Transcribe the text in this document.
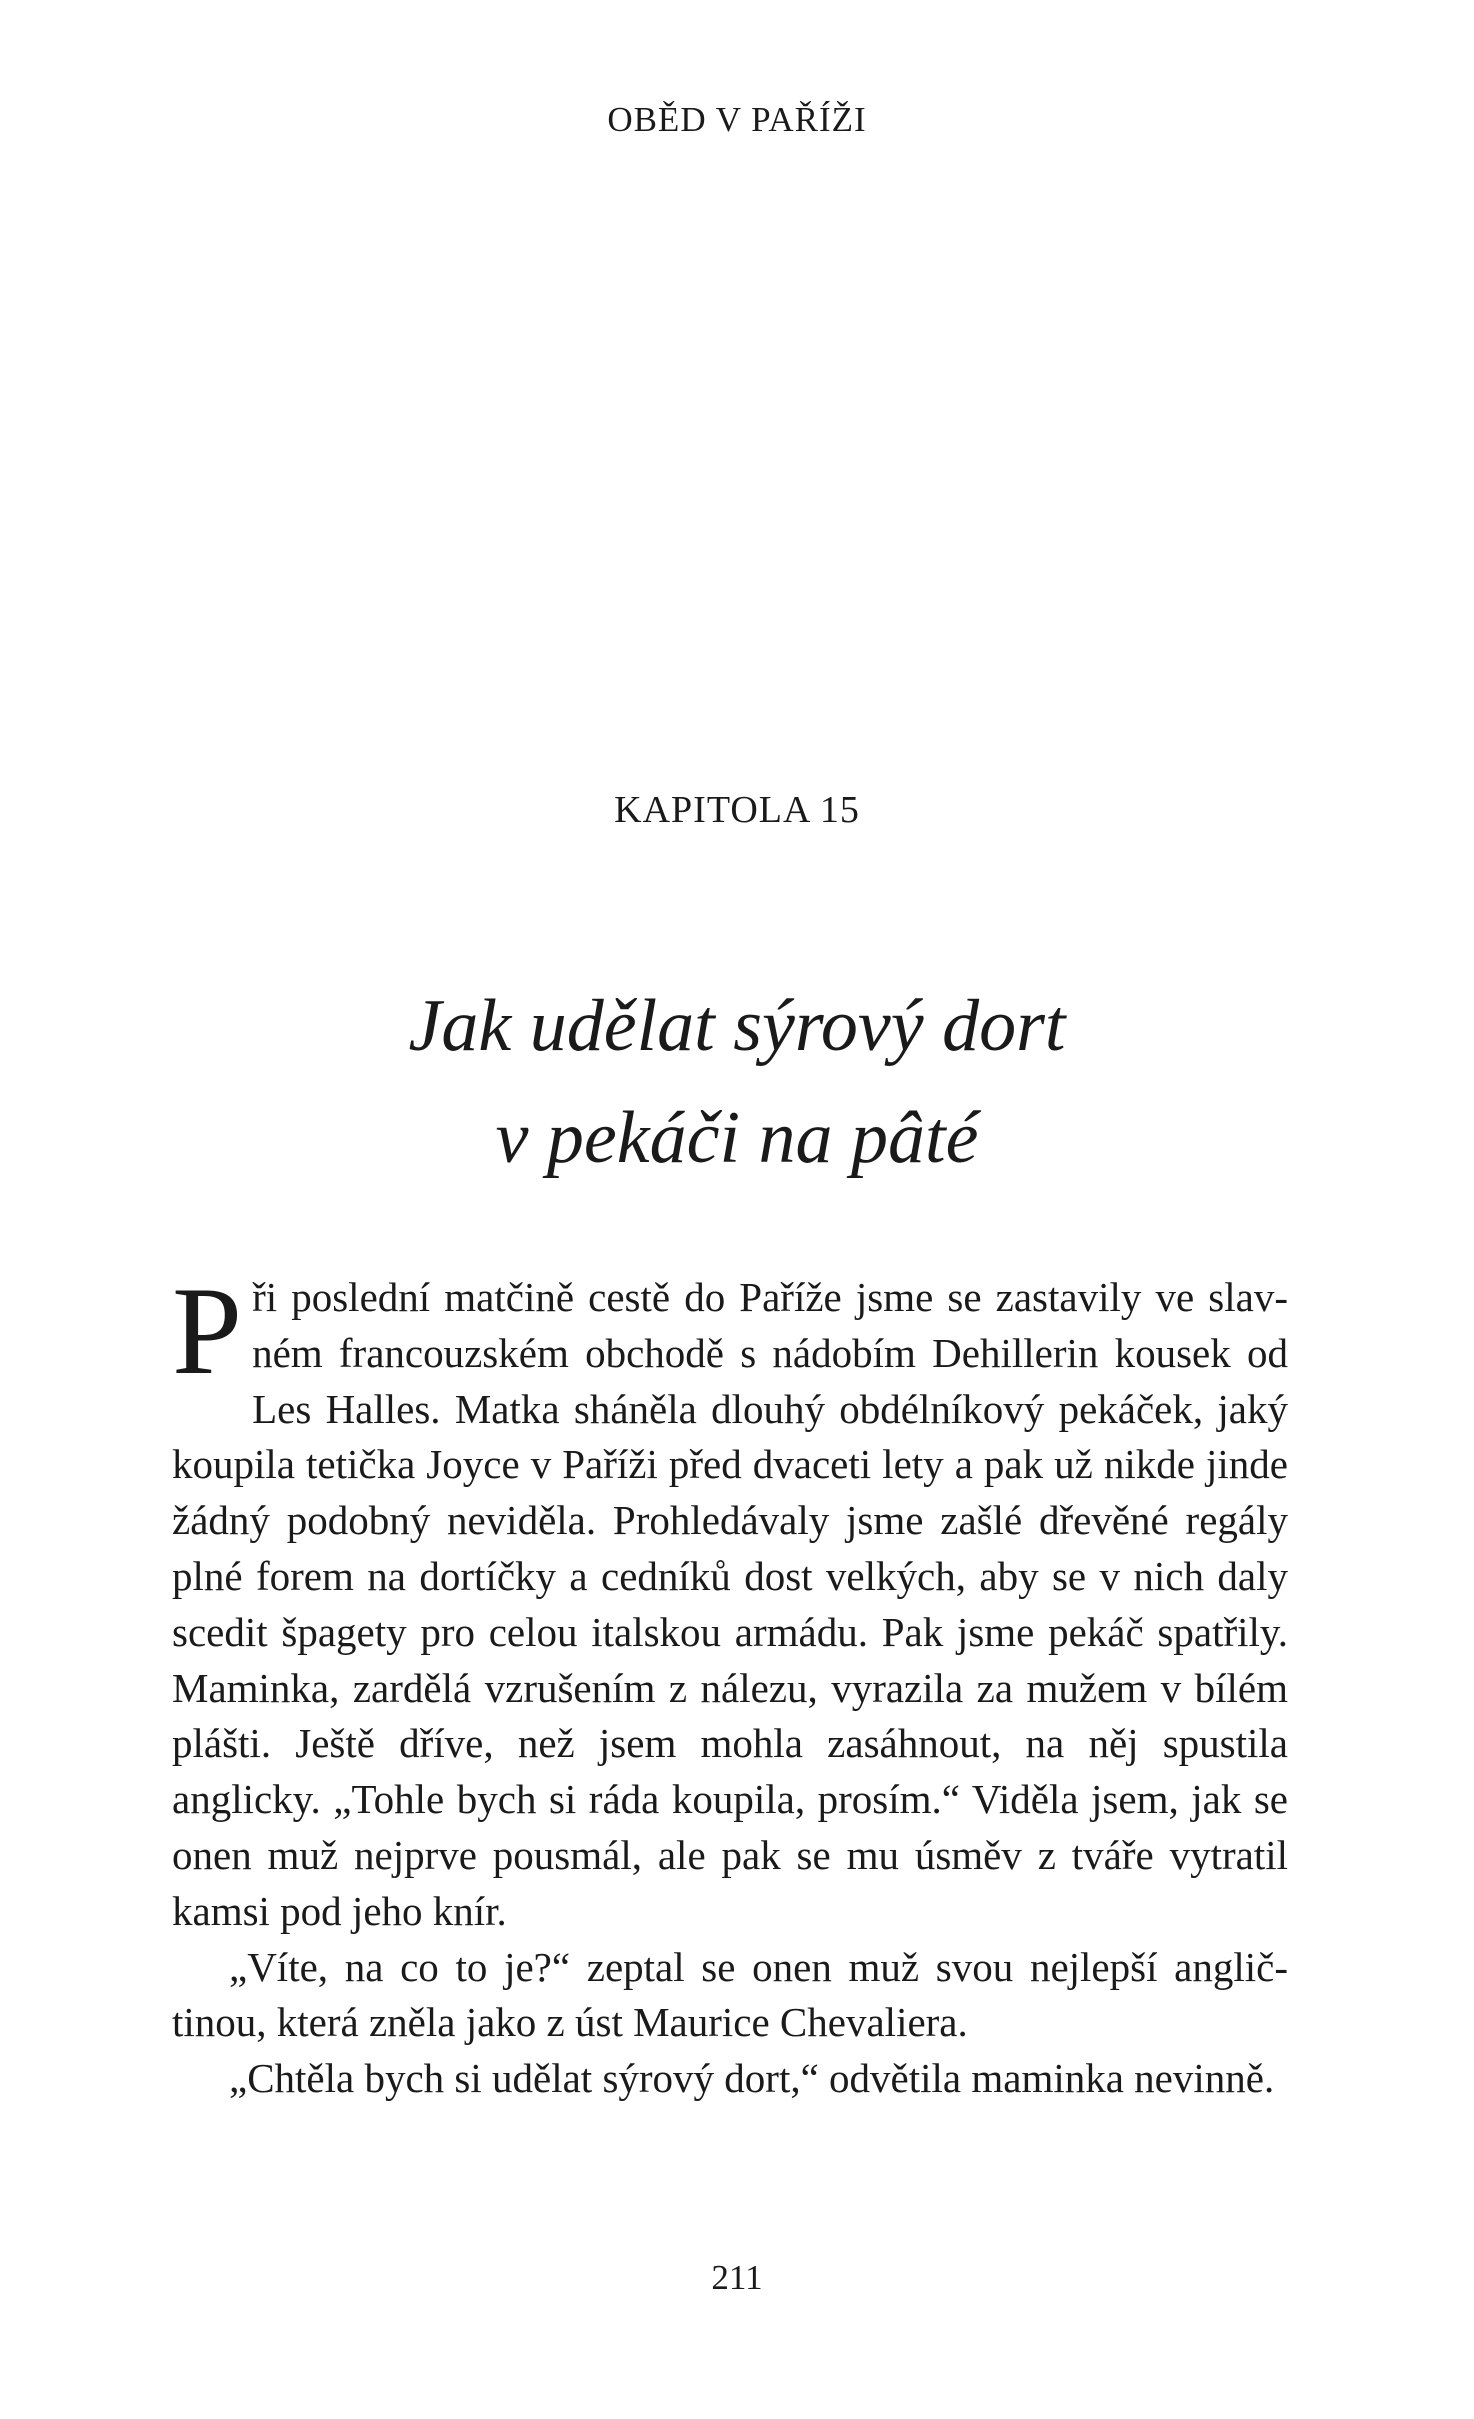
OBĚD V PAŘÍŽI
KAPITOLA 15
Jak udělat sýrový dort
v pekáči na pâté

Při poslední matčině cestě do Paříže jsme se zastavily ve slavném francouzském obchodě s nádobím Dehillerin kousek od Les Halles. Matka sháněla dlouhý obdélníkový pekáček, jaký koupila tetička Joyce v Paříži před dvaceti lety a pak už nikde jinde žádný podobný neviděla. Prohledávaly jsme zašlé dřevěné regály plné forem na dortíčky a cedníků dost velkých, aby se v nich daly scedit špagety pro celou italskou armádu. Pak jsme pekáč spatřily. Maminka, zardělá vzrušením z nálezu, vyrazila za mužem v bílém plášti. Ještě dříve, než jsem mohla zasáhnout, na něj spustila anglicky. „Tohle bych si ráda koupila, prosím.“ Viděla jsem, jak se onen muž nejprve pousmál, ale pak se mu úsměv z tváře vytratil kamsi pod jeho knír.

„Víte, na co to je?“ zeptal se onen muž svou nejlepší angličtinou, která zněla jako z úst Maurice Chevaliera.

„Chtěla bych si udělat sýrový dort,“ odvětila maminka nevinně.

211
